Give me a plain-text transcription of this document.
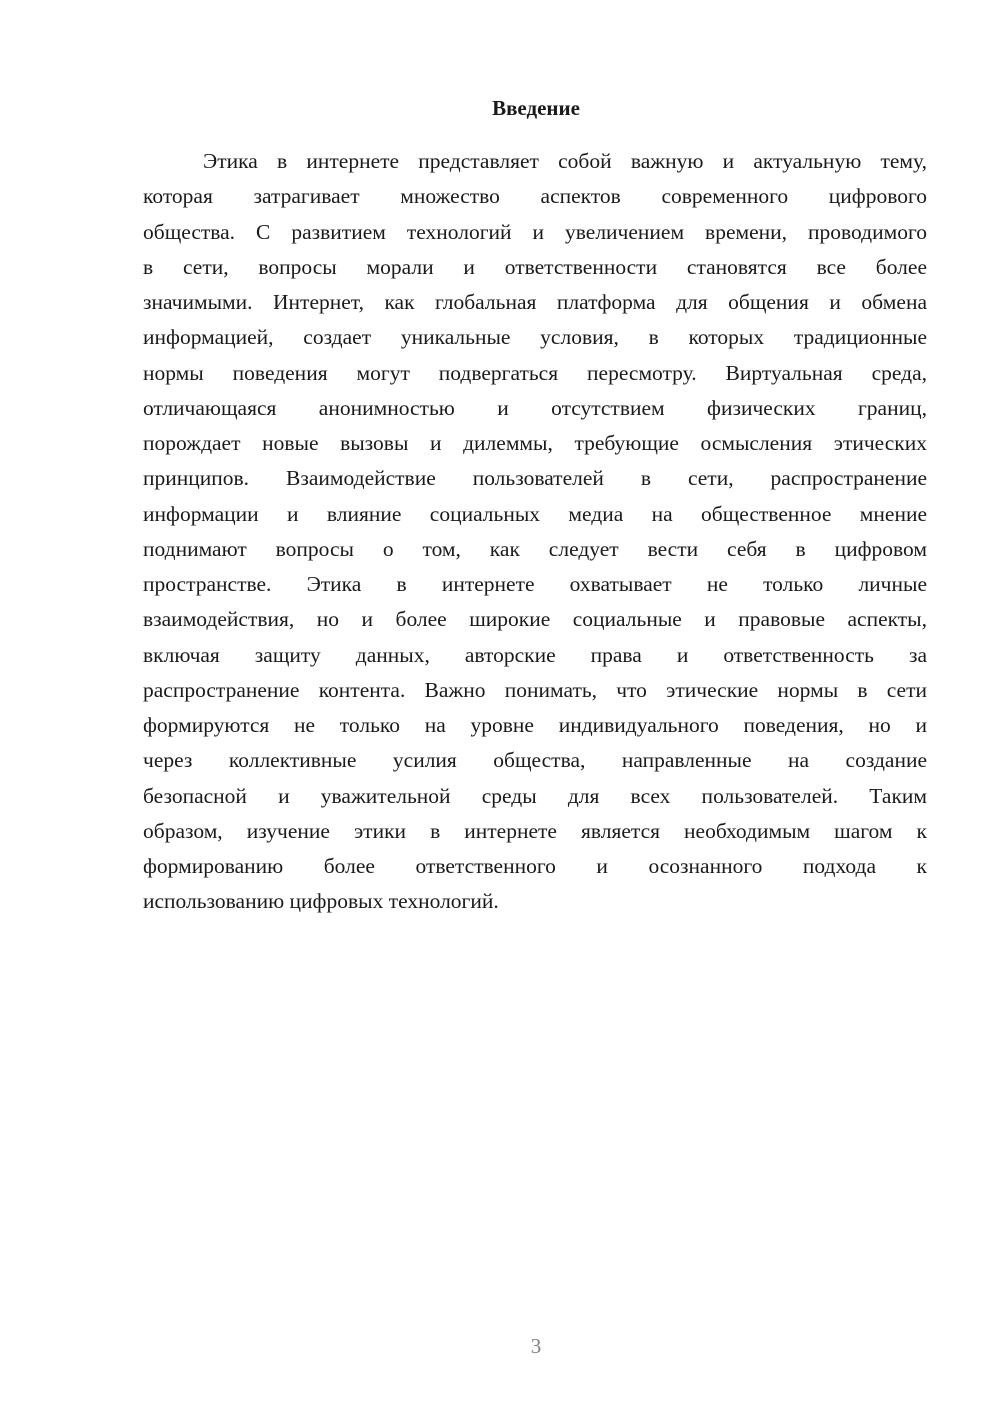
Введение
Этика в интернете представляет собой важную и актуальную тему,
которая затрагивает множество аспектов современного цифрового
общества. С развитием технологий и увеличением времени, проводимого
в сети, вопросы морали и ответственности становятся все более
значимыми. Интернет, как глобальная платформа для общения и обмена
информацией, создает уникальные условия, в которых традиционные
нормы поведения могут подвергаться пересмотру. Виртуальная среда,
отличающаяся анонимностью и отсутствием физических границ,
порождает новые вызовы и дилеммы, требующие осмысления этических
принципов. Взаимодействие пользователей в сети, распространение
информации и влияние социальных медиа на общественное мнение
поднимают вопросы о том, как следует вести себя в цифровом
пространстве. Этика в интернете охватывает не только личные
взаимодействия, но и более широкие социальные и правовые аспекты,
включая защиту данных, авторские права и ответственность за
распространение контента. Важно понимать, что этические нормы в сети
формируются не только на уровне индивидуального поведения, но и
через коллективные усилия общества, направленные на создание
безопасной и уважительной среды для всех пользователей. Таким
образом, изучение этики в интернете является необходимым шагом к
формированию более ответственного и осознанного подхода к
использованию цифровых технологий.
3
